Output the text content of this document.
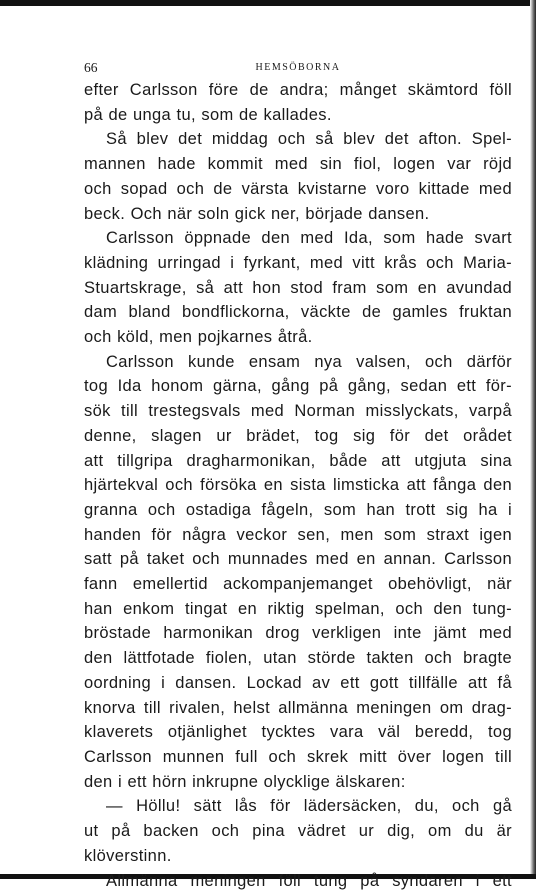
66	HEMSÖBORNA
efter Carlsson före de andra; månget skämtord föll
på de unga tu, som de kallades.
Så blev det middag och så blev det afton. Spel-
mannen hade kommit med sin fiol, logen var röjd
och sopad och de värsta kvistarne voro kittade med
beck. Och när soln gick ner, började dansen.
Carlsson öppnade den med Ida, som hade svart
klädning urringad i fyrkant, med vitt krås och Maria-
Stuartskrage, så att hon stod fram som en avundad
dam bland bondflickorna, väckte de gamles fruktan
och köld, men pojkarnes åtrå.
Carlsson kunde ensam nya valsen, och därför
tog Ida honom gärna, gång på gång, sedan ett för-
sök till trestegsvals med Norman misslyckats, varpå
denne, slagen ur brädet, tog sig för det orådet
att tillgripa dragharmonikan, både att utgjuta sina
hjärtekval och försöka en sista limsticka att fånga den
granna och ostadiga fågeln, som han trott sig ha i
handen för några veckor sen, men som straxt igen
satt på taket och munnades med en annan. Carlsson
fann emellertid ackompanjemanget obehövligt, när
han enkom tingat en riktig spelman, och den tung-
bröstade harmonikan drog verkligen inte jämt med
den lättfotade fiolen, utan störde takten och bragte
oordning i dansen. Lockad av ett gott tillfälle att få
knorva till rivalen, helst allmänna meningen om drag-
klaverets otjänlighet tycktes vara väl beredd, tog
Carlsson munnen full och skrek mitt över logen till
den i ett hörn inkrupne olycklige älskaren:
— Höllu! sätt lås för lädersäcken, du, och gå
ut på backen och pina vädret ur dig, om du är
klöverstinn.
Allmänna meningen föll tung på syndaren i ett
